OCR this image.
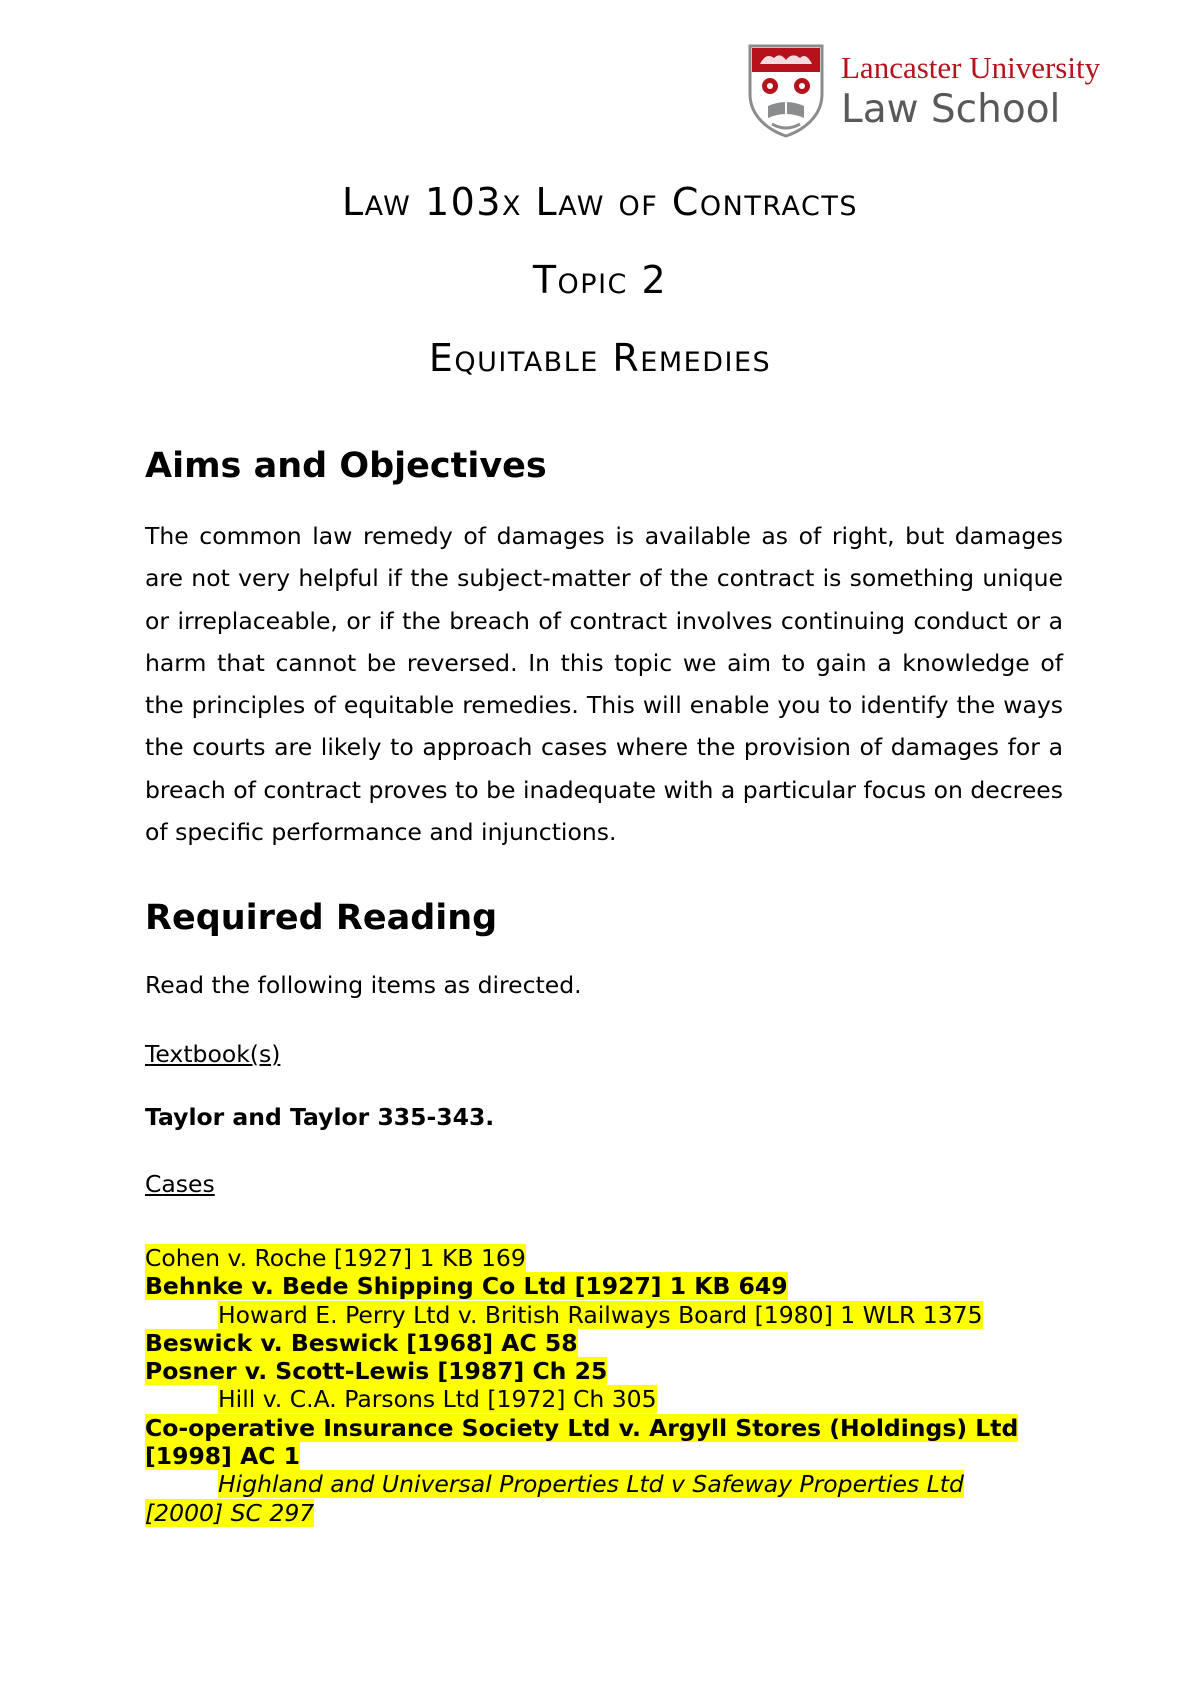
Lancaster University
Law School
Law 103x Law of Contracts
Topic 2
Equitable Remedies
Aims and Objectives

The common law remedy of damages is available as of right, but damages are not very helpful if the subject-matter of the contract is something unique or irreplaceable, or if the breach of contract involves continuing conduct or a harm that cannot be reversed. In this topic we aim to gain a knowledge of the principles of equitable remedies. This will enable you to identify the ways the courts are likely to approach cases where the provision of damages for a breach of contract proves to be inadequate with a particular focus on decrees of specific performance and injunctions.

Required Reading

Read the following items as directed.

Textbook(s)

Taylor and Taylor 335-343.

Cases

Cohen v. Roche [1927] 1 KB 169
Behnke v. Bede Shipping Co Ltd [1927] 1 KB 649
Howard E. Perry Ltd v. British Railways Board [1980] 1 WLR 1375
Beswick v. Beswick [1968] AC 58
Posner v. Scott-Lewis [1987] Ch 25
Hill v. C.A. Parsons Ltd [1972] Ch 305
Co-operative Insurance Society Ltd v. Argyll Stores (Holdings) Ltd
[1998] AC 1
Highland and Universal Properties Ltd v Safeway Properties Ltd
[2000] SC 297
